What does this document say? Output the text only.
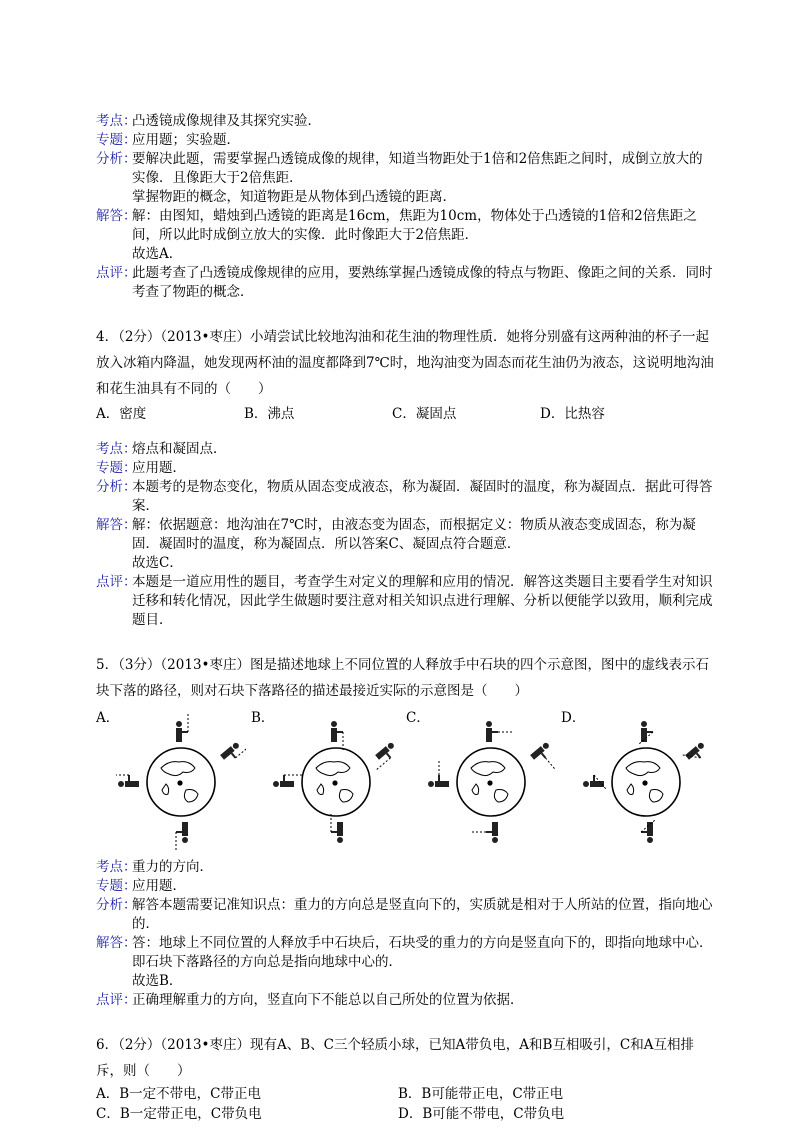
考点：
凸透镜成像规律及其探究实验．
专题：
应用题；实验题．
分析：

要解决此题，需要掌握凸透镜成像的规律，知道当物距处于1倍和2倍焦距之间时，成倒立放大的实像．且像距大于2倍焦距．

掌握物距的概念，知道物距是从物体到凸透镜的距离．

解答：

解：由图知，蜡烛到凸透镜的距离是16cm，焦距为10cm，物体处于凸透镜的1倍和2倍焦距之间，所以此时成倒立放大的实像．此时像距大于2倍焦距．

故选A．

点评：
此题考查了凸透镜成像规律的应用，要熟练掌握凸透镜成像的特点与物距、像距之间的关系．同时考查了物距的概念．

4．（2分）（2013•枣庄）小靖尝试比较地沟油和花生油的物理性质．她将分别盛有这两种油的杯子一起放入冰箱内降温，她发现两杯油的温度都降到7℃时，地沟油变为固态而花生油仍为液态，这说明地沟油和花生油具有不同的（　　）

A．密度	B．沸点	C．凝固点	D．比热容
考点：
熔点和凝固点．
专题：
应用题．
分析：
本题考的是物态变化，物质从固态变成液态，称为凝固．凝固时的温度，称为凝固点．据此可得答案．
解答：

解：依据题意：地沟油在7℃时，由液态变为固态，而根据定义：物质从液态变成固态，称为凝固．凝固时的温度，称为凝固点．所以答案C、凝固点符合题意．

故选C．

点评：
本题是一道应用性的题目，考查学生对定义的理解和应用的情况．解答这类题目主要看学生对知识迁移和转化情况，因此学生做题时要注意对相关知识点进行理解、分析以便能学以致用，顺利完成题目．

5．（3分）（2013•枣庄）图是描述地球上不同位置的人释放手中石块的四个示意图，图中的虚线表示石块下落的路径，则对石块下落路径的描述最接近实际的示意图是（　　）

A．	B．	C．	D．
考点：
重力的方向．
专题：
应用题．
分析：
解答本题需要记准知识点：重力的方向总是竖直向下的，实质就是相对于人所站的位置，指向地心的．
解答：

答：地球上不同位置的人释放手中石块后，石块受的重力的方向是竖直向下的，即指向地球中心．即石块下落路径的方向总是指向地球中心的．

故选B．

点评：
正确理解重力的方向，竖直向下不能总以自己所处的位置为依据．

6．（2分）（2013•枣庄）现有A、B、C三个轻质小球，已知A带负电，A和B互相吸引，C和A互相排斥，则（　　）

A．B一定不带电，C带正电	B．B可能带正电，C带正电
C．B一定带正电，C带负电	D．B可能不带电，C带负电
